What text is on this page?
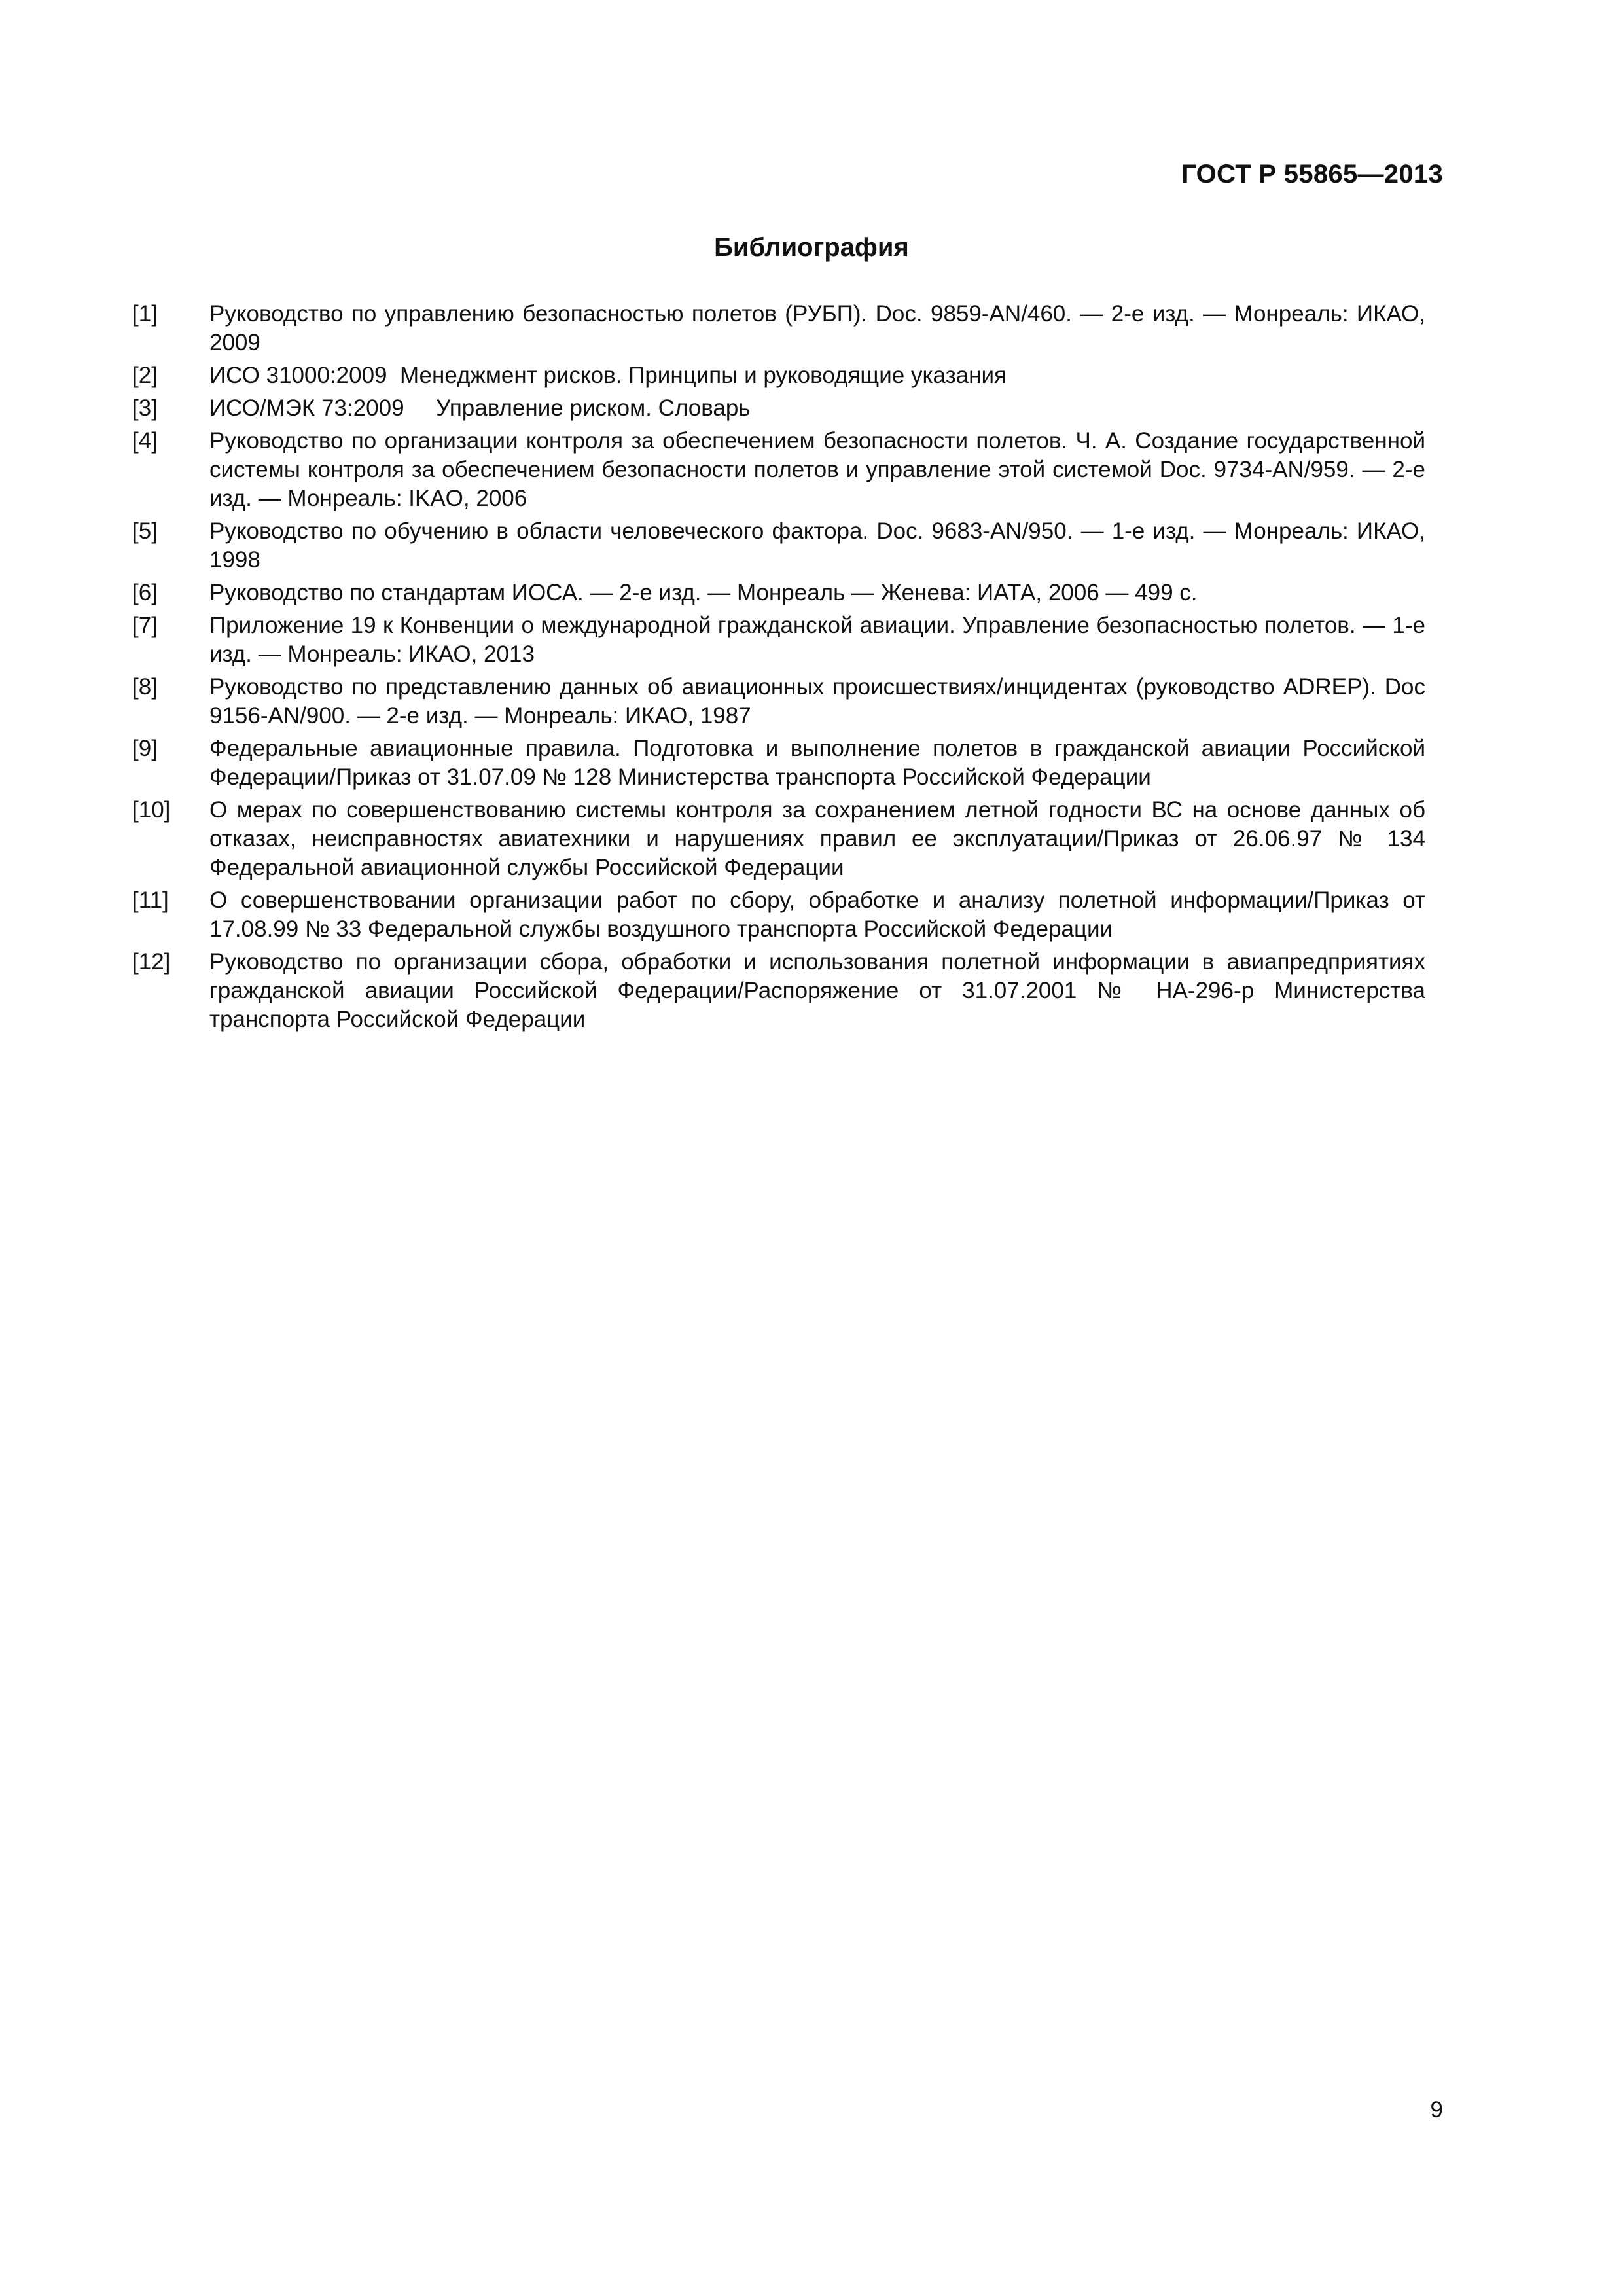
ГОСТ Р 55865—2013
Библиография
[1]	Руководство по управлению безопасностью полетов (РУБП). Doc. 9859-AN/460. — 2-е изд. — Монреаль: ИКАО, 2009
[2]	ИСО 31000:2009  Менеджмент рисков. Принципы и руководящие указания
[3]	ИСО/МЭК 73:2009     Управление риском. Словарь
[4]	Руководство по организации контроля за обеспечением безопасности полетов. Ч. А. Создание государственной системы контроля за обеспечением безопасности полетов и управление этой системой Doc. 9734-AN/959. — 2-е изд. — Монреаль: IKAO, 2006
[5]	Руководство по обучению в области человеческого фактора. Doc. 9683-AN/950. — 1-е изд. — Монреаль: ИКАО, 1998
[6]	Руководство по стандартам ИОСА. — 2-е изд. — Монреаль — Женева: ИАТА, 2006 — 499 с.
[7]	Приложение 19 к Конвенции о международной гражданской авиации. Управление безопасностью полетов. — 1-е изд. — Монреаль: ИКАО, 2013
[8]	Руководство по представлению данных об авиационных происшествиях/инцидентах (руководство ADREP). Doc 9156-AN/900. — 2-е изд. — Монреаль: ИКАО, 1987
[9]	Федеральные авиационные правила. Подготовка и выполнение полетов в гражданской авиации Российской Федерации/Приказ от 31.07.09 № 128 Министерства транспорта Российской Федерации
[10]	О мерах по совершенствованию системы контроля за сохранением летной годности ВС на основе данных об отказах, неисправностях авиатехники и нарушениях правил ее эксплуатации/Приказ от 26.06.97 № 134 Федеральной авиационной службы Российской Федерации
[11]	О совершенствовании организации работ по сбору, обработке и анализу полетной информации/Приказ от 17.08.99 № 33 Федеральной службы воздушного транспорта Российской Федерации
[12]	Руководство по организации сбора, обработки и использования полетной информации в авиапредприятиях гражданской авиации Российской Федерации/Распоряжение от 31.07.2001 № НА-296-р Министерства транспорта Российской Федерации
9
